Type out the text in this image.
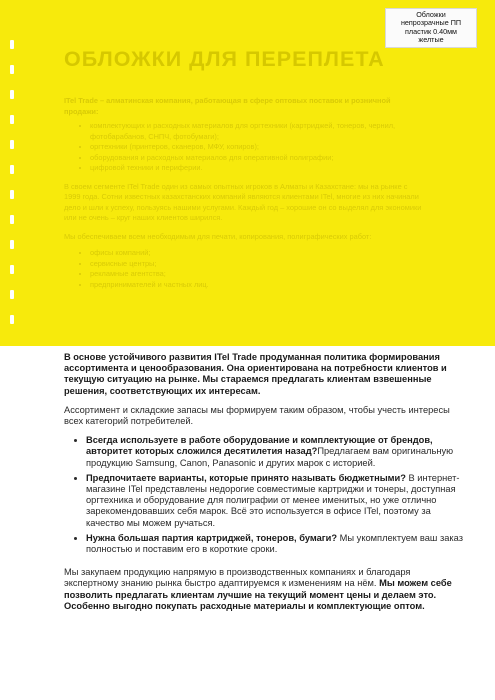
Обложки
непрозрачные ПП
пластик 0.40мм
желтые
ОБЛОЖКИ ДЛЯ ПЕРЕПЛЕТА

ITel Trade – алматинская компания, работающая в сфере оптовых поставок и розничной продажи:

• комплектующих и расходных материалов для оргтехники (картриджей, тонеров, чернил, фотобарабанов, СНПЧ, фотобумаги);
• оргтехники (принтеров, сканеров, МФУ, копиров);
• оборудования и расходных материалов для оперативной полиграфии;
• цифровой техники и периферии.

В своем сегменте ITel Trade один из самых опытных игроков в Алматы и Казахстане: мы на рынке с 1999 года. Сотни известных казахстанских компаний являются клиентами ITel, многие из них начинали дело и шли к успеху, пользуясь нашими услугами. Каждый год – хорошие он со выделял для экономики или не очень – круг наших клиентов ширился.

Мы обеспечиваем всем необходимым для печати, копирования, полиграфических работ:

• офисы компаний;
• сервисные центры;
• рекламные агентства;
• предпринимателей и частных лиц.

В основе устойчивого развития ITel Trade продуманная политика формирования ассортимента и ценообразования. Она ориентирована на потребности клиентов и текущую ситуацию на рынке. Мы стараемся предлагать клиентам взвешенные решения, соответствующих их интересам.

Ассортимент и складские запасы мы формируем таким образом, чтобы учесть интересы всех категорий потребителей.

• Всегда используете в работе оборудование и комплектующие от брендов, авторитет которых сложился десятилетия назад?Предлагаем вам оригинальную продукцию Samsung, Canon, Panasonic и других марок с историей.
• Предпочитаете варианты, которые принято называть бюджетными? В интернет-магазине ITel представлены недорогие совместимые картриджи и тонеры, доступная оргтехника и оборудование для полиграфии от менее именитых, но уже отлично зарекомендовавших себя марок. Всё это используется в офисе ITel, поэтому за качество мы можем ручаться.
• Нужна большая партия картриджей, тонеров, бумаги? Мы укомплектуем ваш заказ полностью и поставим его в короткие сроки.

Мы закупаем продукцию напрямую в производственных компаниях и благодаря экспертному знанию рынка быстро адаптируемся к изменениям на нём. Мы можем себе позволить предлагать клиентам лучшие на текущий момент цены и делаем это. Особенно выгодно покупать расходные материалы и комплектующие оптом.
